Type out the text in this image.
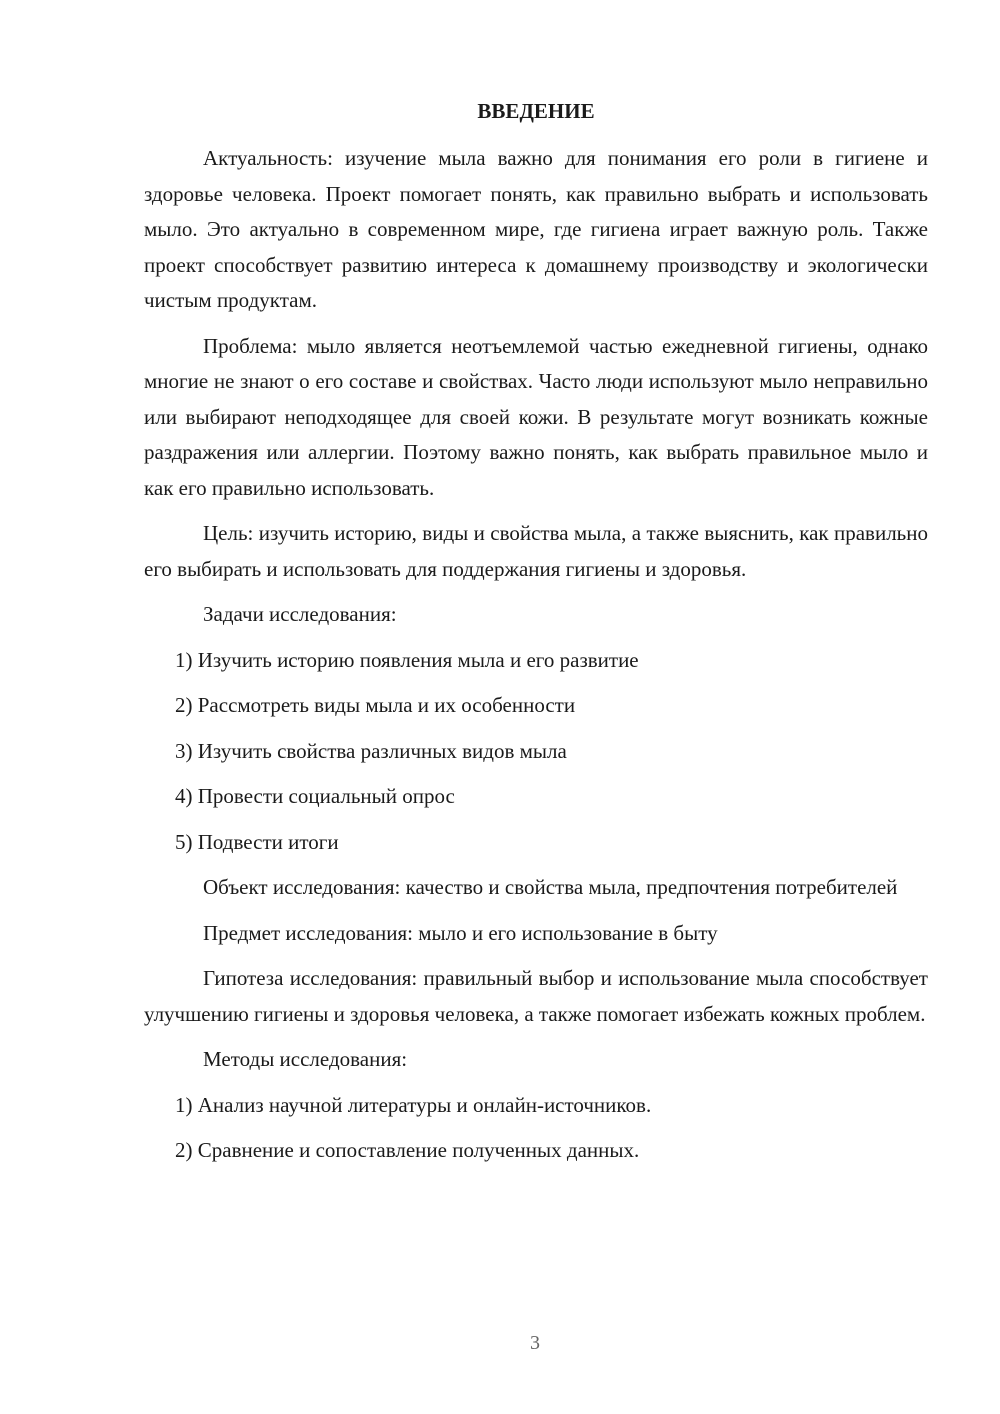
ВВЕДЕНИЕ

Актуальность: изучение мыла важно для понимания его роли в гигиене и здоровье человека. Проект помогает понять, как правильно выбрать и использовать мыло. Это актуально в современном мире, где гигиена играет важную роль. Также проект способствует развитию интереса к домашнему производству и экологически чистым продуктам.

Проблема: мыло является неотъемлемой частью ежедневной гигиены, однако многие не знают о его составе и свойствах. Часто люди используют мыло неправильно или выбирают неподходящее для своей кожи. В результате могут возникать кожные раздражения или аллергии. Поэтому важно понять, как выбрать правильное мыло и как его правильно использовать.

Цель: изучить историю, виды и свойства мыла, а также выяснить, как правильно его выбирать и использовать для поддержания гигиены и здоровья.

Задачи исследования:

1) Изучить историю появления мыла и его развитие

2) Рассмотреть виды мыла и их особенности

3) Изучить свойства различных видов мыла

4) Провести социальный опрос

5) Подвести итоги

Объект исследования: качество и свойства мыла, предпочтения потребителей

Предмет исследования: мыло и его использование в быту

Гипотеза исследования: правильный выбор и использование мыла способствует улучшению гигиены и здоровья человека, а также помогает избежать кожных проблем.

Методы исследования:

1) Анализ научной литературы и онлайн-источников.

2) Сравнение и сопоставление полученных данных.

3
